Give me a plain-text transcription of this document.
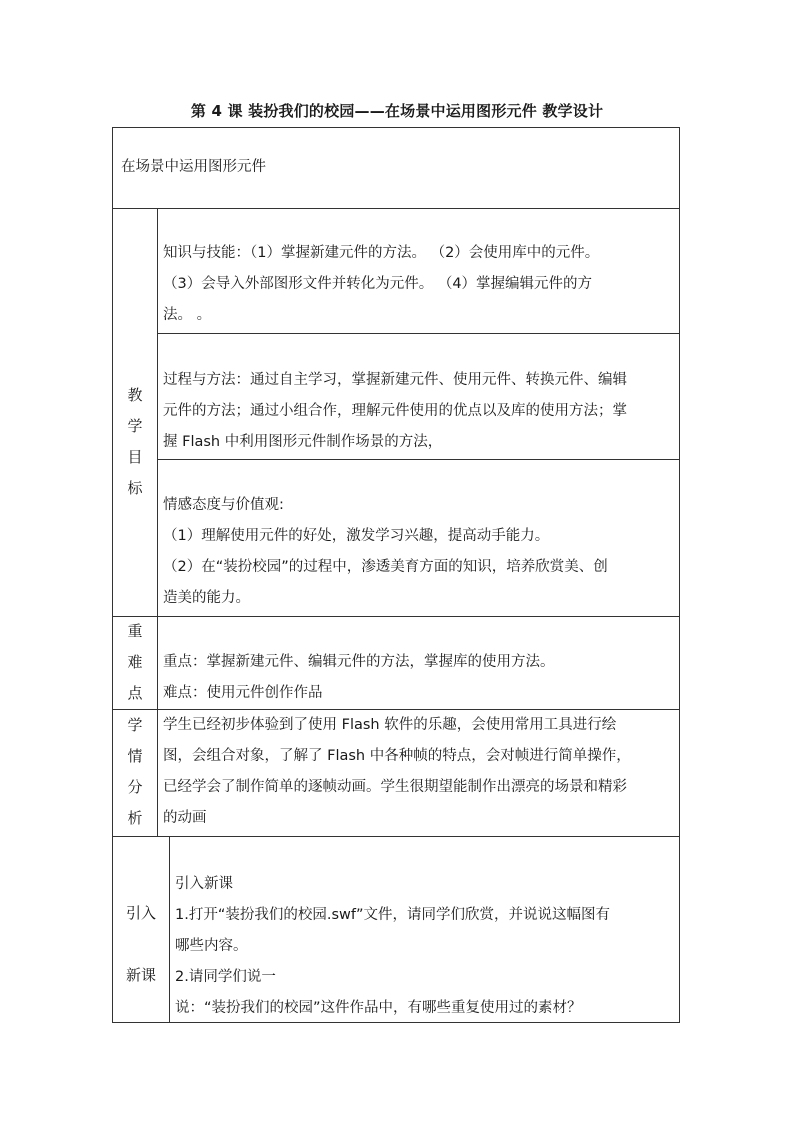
第 4 课 装扮我们的校园——在场景中运用图形元件 教学设计
在场景中运用图形元件
教
学
目
标
知识与技能：（1）掌握新建元件的方法。 （2）会使用库中的元件。
（3）会导入外部图形文件并转化为元件。 （4）掌握编辑元件的方
法。 。
过程与方法：通过自主学习，掌握新建元件、使用元件、转换元件、编辑
元件的方法；通过小组合作，理解元件使用的优点以及库的使用方法；掌
握 Flash 中利用图形元件制作场景的方法，
情感态度与价值观:
（1）理解使用元件的好处，激发学习兴趣，提高动手能力。
（2）在“装扮校园”的过程中，渗透美育方面的知识，培养欣赏美、创
造美的能力。
重
难
点
重点：掌握新建元件、编辑元件的方法，掌握库的使用方法。
难点：使用元件创作作品
学
情
分
析
学生已经初步体验到了使用 Flash 软件的乐趣，会使用常用工具进行绘
图，会组合对象，了解了 Flash 中各种帧的特点，会对帧进行简单操作，
已经学会了制作简单的逐帧动画。学生很期望能制作出漂亮的场景和精彩
的动画
引入
新课
引入新课
1.打开“装扮我们的校园.swf”文件，请同学们欣赏，并说说这幅图有
哪些内容。
2.请同学们说一
说：“装扮我们的校园”这件作品中，有哪些重复使用过的素材？
